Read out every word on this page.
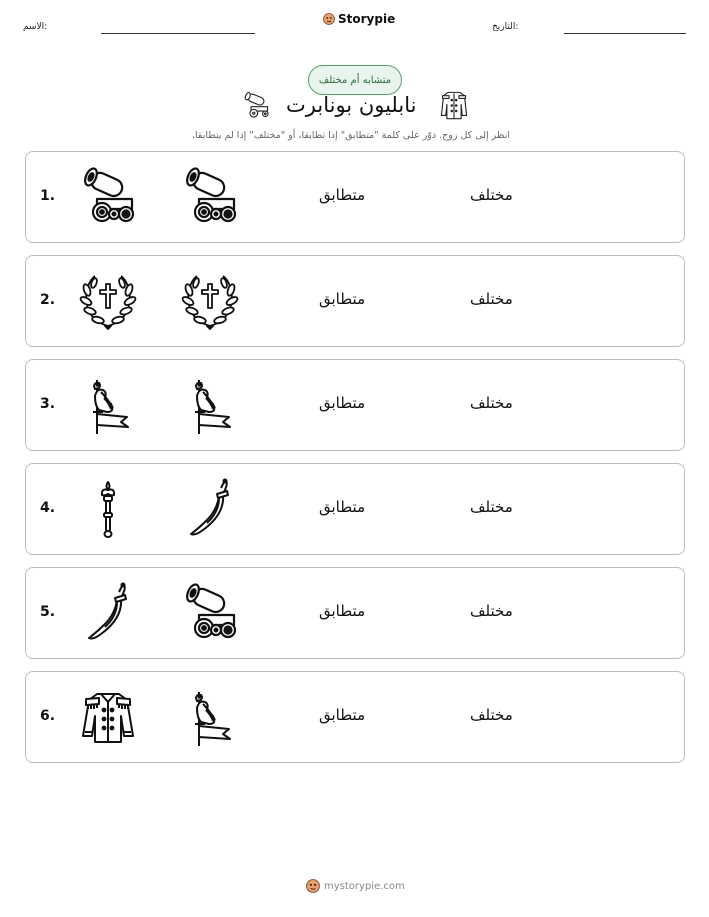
الاسم:
Storypie
التاريخ:
متشابه أم مختلف
نابليون بونابرت
انظر إلى كل زوج. دوّر على كلمة "متطابق" إذا تطابقا، أو "مختلف" إذا لم يتطابقا.
1.	متطابق	مختلف
2.	متطابق	مختلف
3.	متطابق	مختلف
4.	متطابق	مختلف
5.	متطابق	مختلف
6.	متطابق	مختلف
mystorypie.com
